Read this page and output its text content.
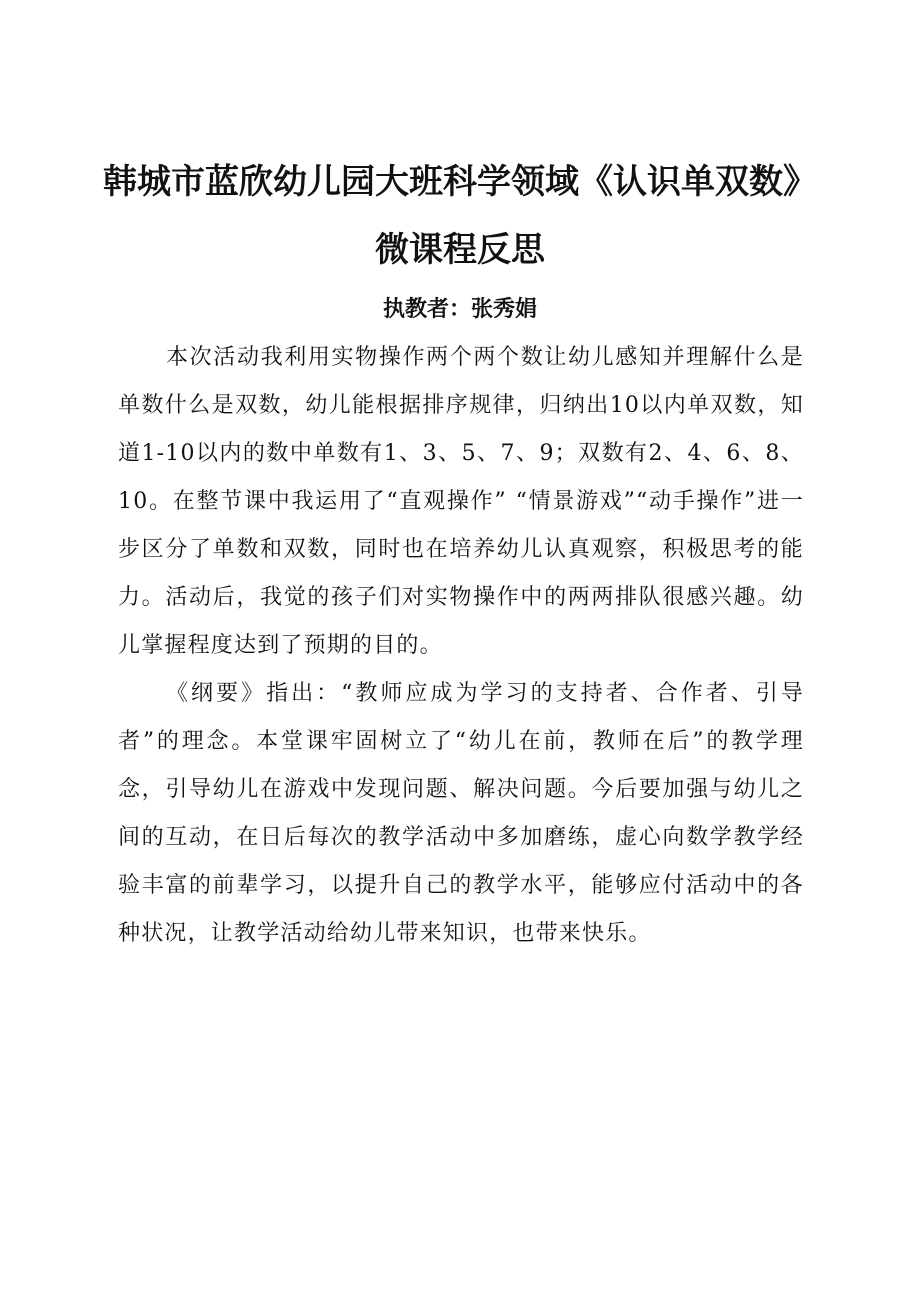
韩城市蓝欣幼儿园大班科学领域《认识单双数》
微课程反思
执教者：张秀娟

本次活动我利用实物操作两个两个数让幼儿感知并理解什么是单数什么是双数，幼儿能根据排序规律，归纳出10以内单双数，知道1-10以内的数中单数有1、3、5、7、9；双数有2、4、6、8、10。在整节课中我运用了“直观操作” “情景游戏”“动手操作”进一步区分了单数和双数，同时也在培养幼儿认真观察，积极思考的能力。活动后，我觉的孩子们对实物操作中的两两排队很感兴趣。幼儿掌握程度达到了预期的目的。

《纲要》指出：“教师应成为学习的支持者、合作者、引导者”的理念。本堂课牢固树立了“幼儿在前，教师在后”的教学理念，引导幼儿在游戏中发现问题、解决问题。今后要加强与幼儿之间的互动，在日后每次的教学活动中多加磨练，虚心向数学教学经验丰富的前辈学习，以提升自己的教学水平，能够应付活动中的各种状况，让教学活动给幼儿带来知识，也带来快乐。
